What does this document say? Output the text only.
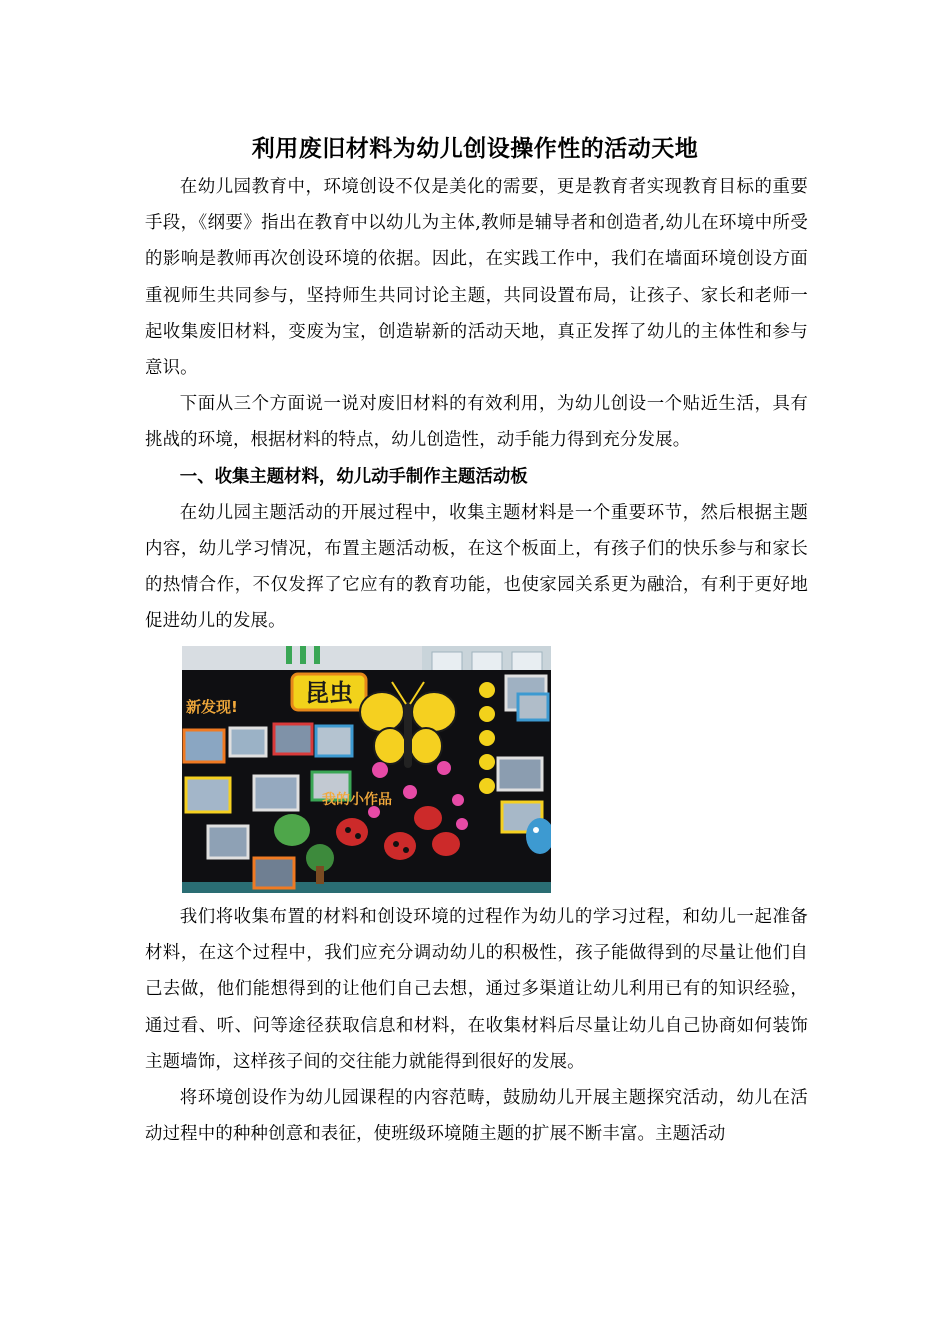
利用废旧材料为幼儿创设操作性的活动天地

在幼儿园教育中，环境创设不仅是美化的需要，更是教育者实现教育目标的重要手段，《纲要》指出在教育中以幼儿为主体,教师是辅导者和创造者,幼儿在环境中所受的影响是教师再次创设环境的依据。因此，在实践工作中，我们在墙面环境创设方面重视师生共同参与，坚持师生共同讨论主题，共同设置布局，让孩子、家长和老师一起收集废旧材料，变废为宝，创造崭新的活动天地，真正发挥了幼儿的主体性和参与意识。

下面从三个方面说一说对废旧材料的有效利用，为幼儿创设一个贴近生活，具有挑战的环境，根据材料的特点，幼儿创造性，动手能力得到充分发展。

一、收集主题材料，幼儿动手制作主题活动板

在幼儿园主题活动的开展过程中，收集主题材料是一个重要环节，然后根据主题内容，幼儿学习情况，布置主题活动板，在这个板面上，有孩子们的快乐参与和家长的热情合作，不仅发挥了它应有的教育功能，也使家园关系更为融洽，有利于更好地促进幼儿的发展。

昆虫
新发现!
我的小作品

我们将收集布置的材料和创设环境的过程作为幼儿的学习过程，和幼儿一起准备材料，在这个过程中，我们应充分调动幼儿的积极性，孩子能做得到的尽量让他们自己去做，他们能想得到的让他们自己去想，通过多渠道让幼儿利用已有的知识经验，通过看、听、问等途径获取信息和材料，在收集材料后尽量让幼儿自己协商如何装饰主题墙饰，这样孩子间的交往能力就能得到很好的发展。

将环境创设作为幼儿园课程的内容范畴，鼓励幼儿开展主题探究活动，幼儿在活动过程中的种种创意和表征，使班级环境随主题的扩展不断丰富。主题活动
